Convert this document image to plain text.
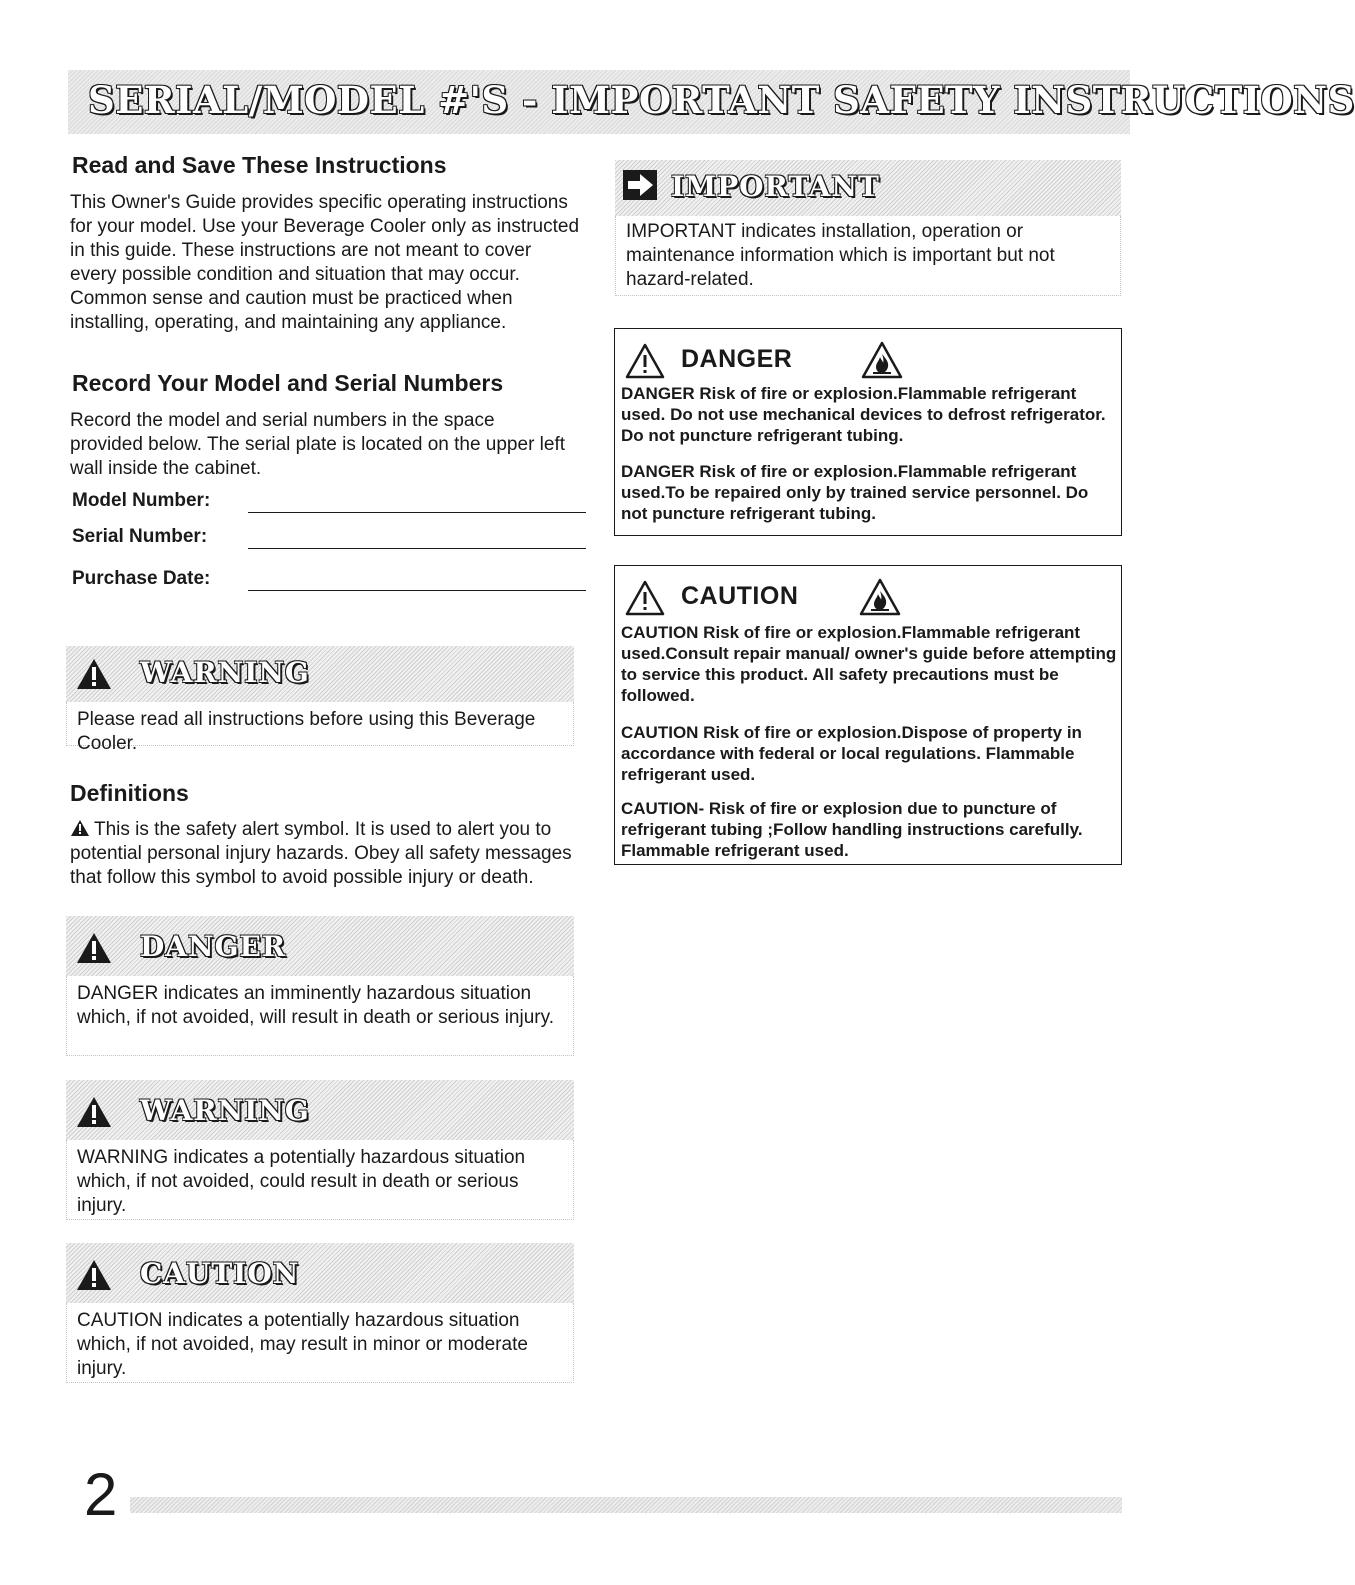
SERIAL/MODEL #'S - IMPORTANT SAFETY INSTRUCTIONS
Read and Save These Instructions

This Owner's Guide provides specific operating instructions for your model. Use your Beverage Cooler only as instructed in this guide. These instructions are not meant to cover every possible condition and situation that may occur. Common sense and caution must be practiced when installing, operating, and maintaining any appliance.

Record Your Model and Serial Numbers

Record the model and serial numbers in the space provided below. The serial plate is located on the upper left wall inside the cabinet.

Model Number:
Serial Number:
Purchase Date:
WARNING

Please read all instructions before using this Beverage Cooler.

Definitions

This is the safety alert symbol. It is used to alert you to potential personal injury hazards. Obey all safety messages that follow this symbol to avoid possible injury or death.

DANGER

DANGER indicates an imminently hazardous situation which, if not avoided, will result in death or serious injury.

WARNING

WARNING indicates a potentially hazardous situation which, if not avoided, could result in death or serious injury.

CAUTION

CAUTION indicates a potentially hazardous situation which, if not avoided, may result in minor or moderate injury.

IMPORTANT

IMPORTANT indicates installation, operation or maintenance information which is important but not hazard-related.

DANGER

DANGER Risk of fire or explosion.Flammable refrigerant used. Do not use mechanical devices to defrost refrigerator. Do not puncture refrigerant tubing.

DANGER Risk of fire or explosion.Flammable refrigerant used.To be repaired only by trained service personnel. Do not puncture refrigerant tubing.

CAUTION

CAUTION Risk of fire or explosion.Flammable refrigerant used.Consult repair manual/ owner's guide before attempting to service this product. All safety precautions must be followed.

CAUTION Risk of fire or explosion.Dispose of property in accordance with federal or local regulations. Flammable refrigerant used.

CAUTION- Risk of fire or explosion due to puncture of refrigerant tubing ;Follow handling instructions carefully. Flammable refrigerant used.

2
